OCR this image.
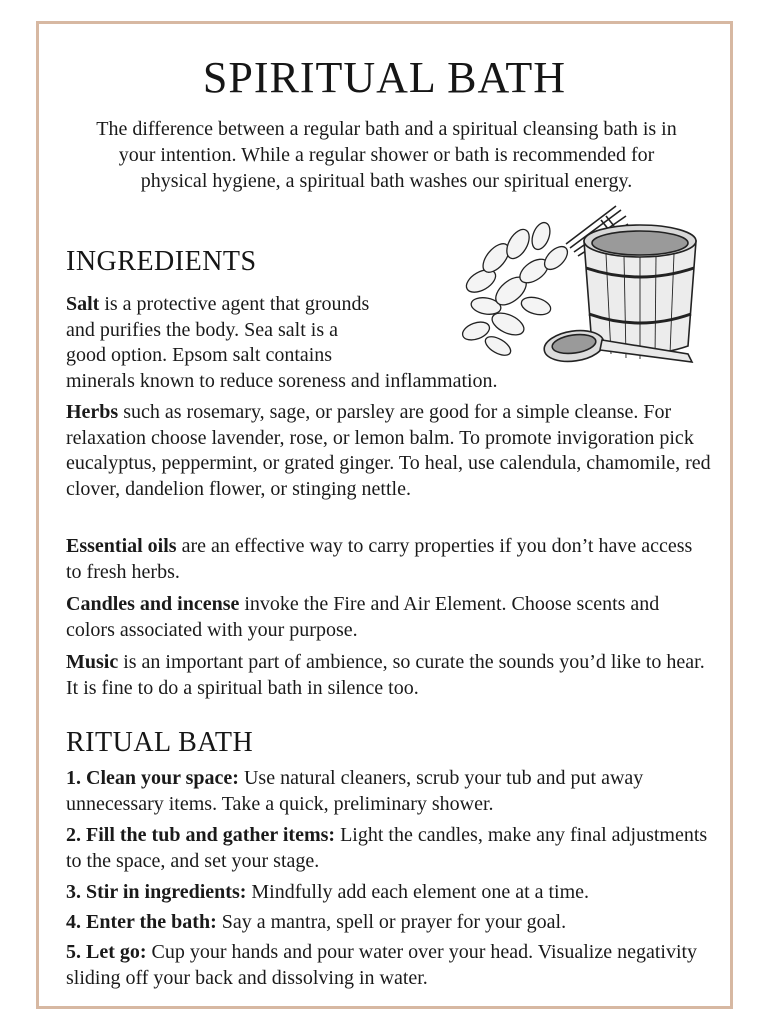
SPIRITUAL BATH

The difference between a regular bath and a spiritual cleansing bath is in your intention. While a regular shower or bath is recommended for physical hygiene, a spiritual bath washes our spiritual energy.

INGREDIENTS

Salt is a protective agent that grounds
and purifies the body. Sea salt is a
good option. Epsom salt contains
minerals known to reduce soreness and inflammation.

Herbs such as rosemary, sage, or parsley are good for a simple cleanse. For relaxation choose lavender, rose, or lemon balm. To promote invigoration pick eucalyptus, peppermint, or grated ginger. To heal, use calendula, chamomile, red clover, dandelion flower, or stinging nettle.

Essential oils are an effective way to carry properties if you don’t have access to fresh herbs.

Candles and incense invoke the Fire and Air Element. Choose scents and colors associated with your purpose.

Music is an important part of ambience, so curate the sounds you’d like to hear. It is fine to do a spiritual bath in silence too.

RITUAL BATH

1. Clean your space: Use natural cleaners, scrub your tub and put away unnecessary items. Take a quick, preliminary shower.

2. Fill the tub and gather items: Light the candles, make any final adjustments to the space, and set your stage.

3. Stir in ingredients: Mindfully add each element one at a time.

4. Enter the bath: Say a mantra, spell or prayer for your goal.

5. Let go: Cup your hands and pour water over your head. Visualize negativity sliding off your back and dissolving in water.
